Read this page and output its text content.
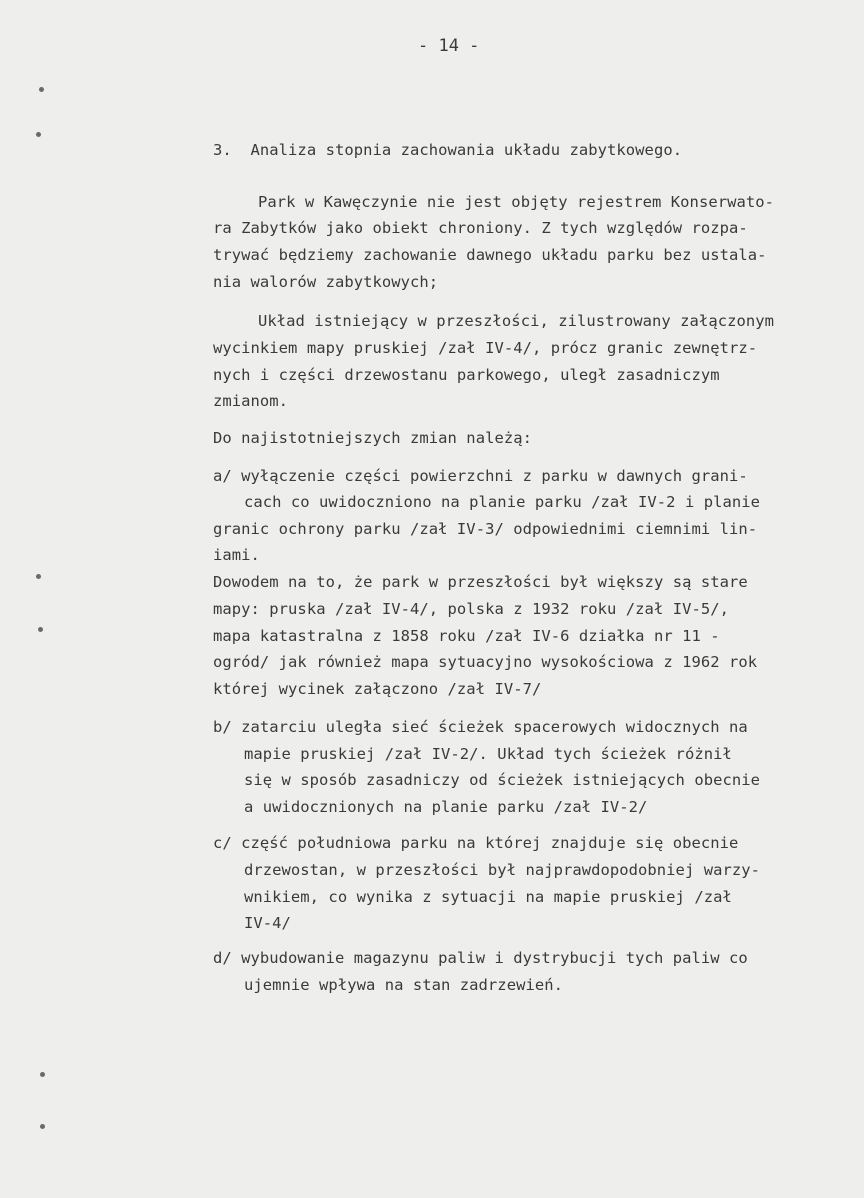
- 14 -
3.  Analiza stopnia zachowania układu zabytkowego.
Park w Kawęczynie nie jest objęty rejestrem Konserwato-
ra Zabytków jako obiekt chroniony. Z tych względów rozpa-
trywać będziemy zachowanie dawnego układu parku bez ustala-
nia walorów zabytkowych;
Układ istniejący w przeszłości, zilustrowany załączonym
wycinkiem mapy pruskiej /zał IV-4/, prócz granic zewnętrz-
nych i części drzewostanu parkowego, uległ zasadniczym
zmianom.
Do najistotniejszych zmian należą:
a/ wyłączenie części powierzchni z parku w dawnych grani-
cach co uwidoczniono na planie parku /zał IV-2 i planie
granic ochrony parku /zał IV-3/ odpowiednimi ciemnimi lin-
iami.
Dowodem na to, że park w przeszłości był większy są stare
mapy: pruska /zał IV-4/, polska z 1932 roku /zał IV-5/,
mapa katastralna z 1858 roku /zał IV-6 działka nr 11 -
ogród/ jak również mapa sytuacyjno wysokościowa z 1962 rok
której wycinek załączono /zał IV-7/
b/ zatarciu uległa sieć ścieżek spacerowych widocznych na
mapie pruskiej /zał IV-2/. Układ tych ścieżek różnił
się w sposób zasadniczy od ścieżek istniejących obecnie
a uwidocznionych na planie parku /zał IV-2/
c/ część południowa parku na której znajduje się obecnie
drzewostan, w przeszłości był najprawdopodobniej warzy-
wnikiem, co wynika z sytuacji na mapie pruskiej /zał
IV-4/
d/ wybudowanie magazynu paliw i dystrybucji tych paliw co
ujemnie wpływa na stan zadrzewień.
